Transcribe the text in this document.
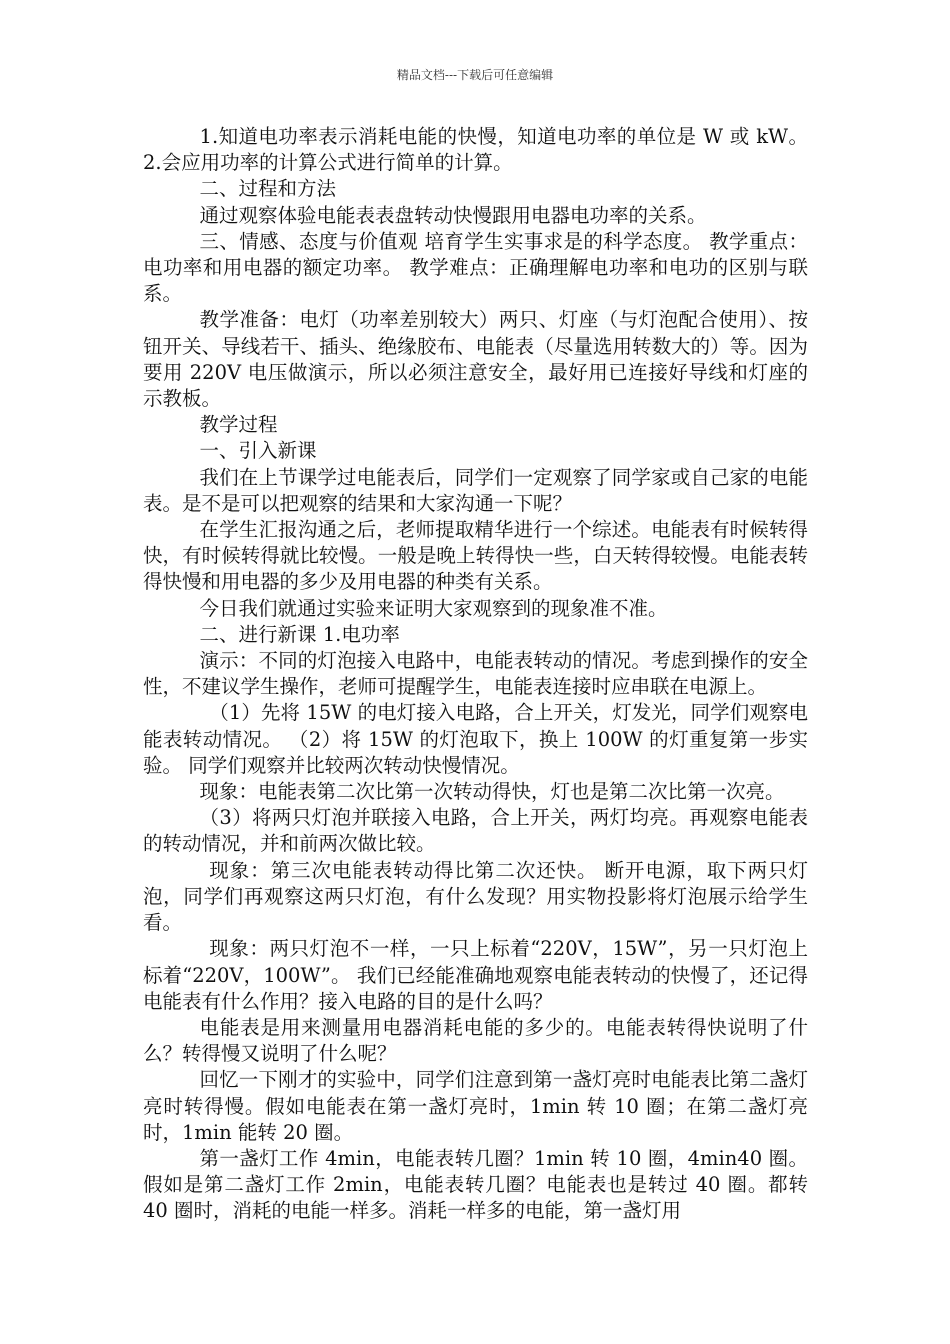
精品文档---下载后可任意编辑

1.知道电功率表示消耗电能的快慢，知道电功率的单位是 W 或 kW。 2.会应用功率的计算公式进行简单的计算。

二、过程和方法

通过观察体验电能表表盘转动快慢跟用电器电功率的关系。

三、情感、态度与价值观 培育学生实事求是的科学态度。 教学重点：电功率和用电器的额定功率。 教学难点：正确理解电功率和电功的区别与联系。

教学准备：电灯（功率差别较大）两只、灯座（与灯泡配合使用）、按钮开关、导线若干、插头、绝缘胶布、电能表（尽量选用转数大的）等。因为要用 220V 电压做演示，所以必须注意安全，最好用已连接好导线和灯座的示教板。

教学过程

一、引入新课

我们在上节课学过电能表后，同学们一定观察了同学家或自己家的电能表。是不是可以把观察的结果和大家沟通一下呢？

在学生汇报沟通之后，老师提取精华进行一个综述。电能表有时候转得快，有时候转得就比较慢。一般是晚上转得快一些，白天转得较慢。电能表转得快慢和用电器的多少及用电器的种类有关系。

今日我们就通过实验来证明大家观察到的现象准不准。

二、进行新课 1.电功率

演示：不同的灯泡接入电路中，电能表转动的情况。考虑到操作的安全性，不建议学生操作，老师可提醒学生，电能表连接时应串联在电源上。

（1）先将 15W 的电灯接入电路，合上开关，灯发光，同学们观察电能表转动情况。 （2）将 15W 的灯泡取下，换上 100W 的灯重复第一步实验。 同学们观察并比较两次转动快慢情况。

现象：电能表第二次比第一次转动得快，灯也是第二次比第一次亮。

（3）将两只灯泡并联接入电路，合上开关，两灯均亮。再观察电能表的转动情况，并和前两次做比较。

现象：第三次电能表转动得比第二次还快。 断开电源，取下两只灯泡，同学们再观察这两只灯泡，有什么发现？用实物投影将灯泡展示给学生看。

现象：两只灯泡不一样，一只上标着“220V，15W”，另一只灯泡上标着“220V，100W”。 我们已经能准确地观察电能表转动的快慢了，还记得电能表有什么作用？接入电路的目的是什么吗？

电能表是用来测量用电器消耗电能的多少的。电能表转得快说明了什么？转得慢又说明了什么呢？

回忆一下刚才的实验中，同学们注意到第一盏灯亮时电能表比第二盏灯亮时转得慢。假如电能表在第一盏灯亮时，1min 转 10 圈；在第二盏灯亮时，1min 能转 20 圈。

第一盏灯工作 4min，电能表转几圈？1min 转 10 圈，4min40 圈。假如是第二盏灯工作 2min，电能表转几圈？电能表也是转过 40 圈。都转 40 圈时，消耗的电能一样多。消耗一样多的电能，第一盏灯用
